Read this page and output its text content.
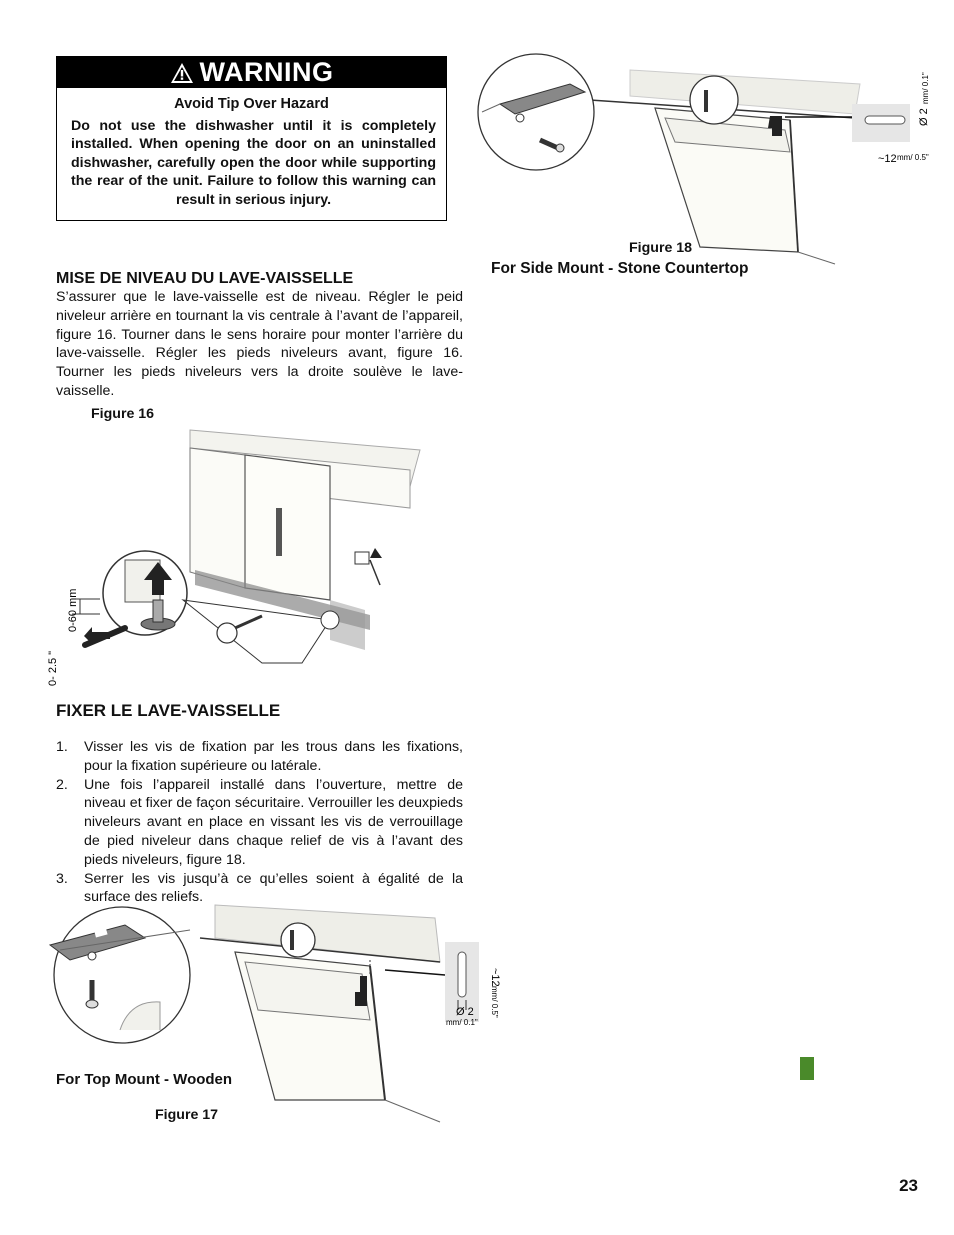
WARNING
Avoid Tip Over Hazard
Do not use the dishwasher until it is completely installed. When opening the door on an uninstalled dishwasher, carefully open the door while supporting the rear of the unit. Failure to follow this warning can result in serious injury.
MISE DE NIVEAU DU LAVE-VAISSELLE
S’assurer que le lave-vaisselle est de niveau. Régler le peid niveleur arrière en tournant la vis centrale à l’avant de l’appareil, figure 16. Tourner dans le sens horaire pour monter l’arrière du lave-vaisselle. Régler les pieds niveleurs avant, figure 16. Tourner les pieds niveleurs vers la droite soulève le lave-vaisselle.
Figure 16
0-60 mm
0- 2.5 "
FIXER LE LAVE-VAISSELLE
1. Visser les vis de fixation par les trous dans les fixations, pour la fixation supérieure ou latérale.
2. Une fois l’appareil installé dans l’ouverture, mettre de niveau et fixer de façon sécuritaire. Verrouiller les deuxpieds niveleurs avant en place en vissant les vis de verrouillage de pied niveleur dans chaque relief de vis à l’avant des pieds niveleurs, figure 18.
3. Serrer les vis jusqu’à ce qu’elles soient à égalité de la surface des reliefs.
~12
mm/ 0.5"
Ø 2
mm/ 0.1"
For Top Mount - Wooden
Figure 17
Ø 2
mm/ 0.1"
~12 mm/ 0.5"
Figure 18
For Side Mount - Stone Countertop
23
